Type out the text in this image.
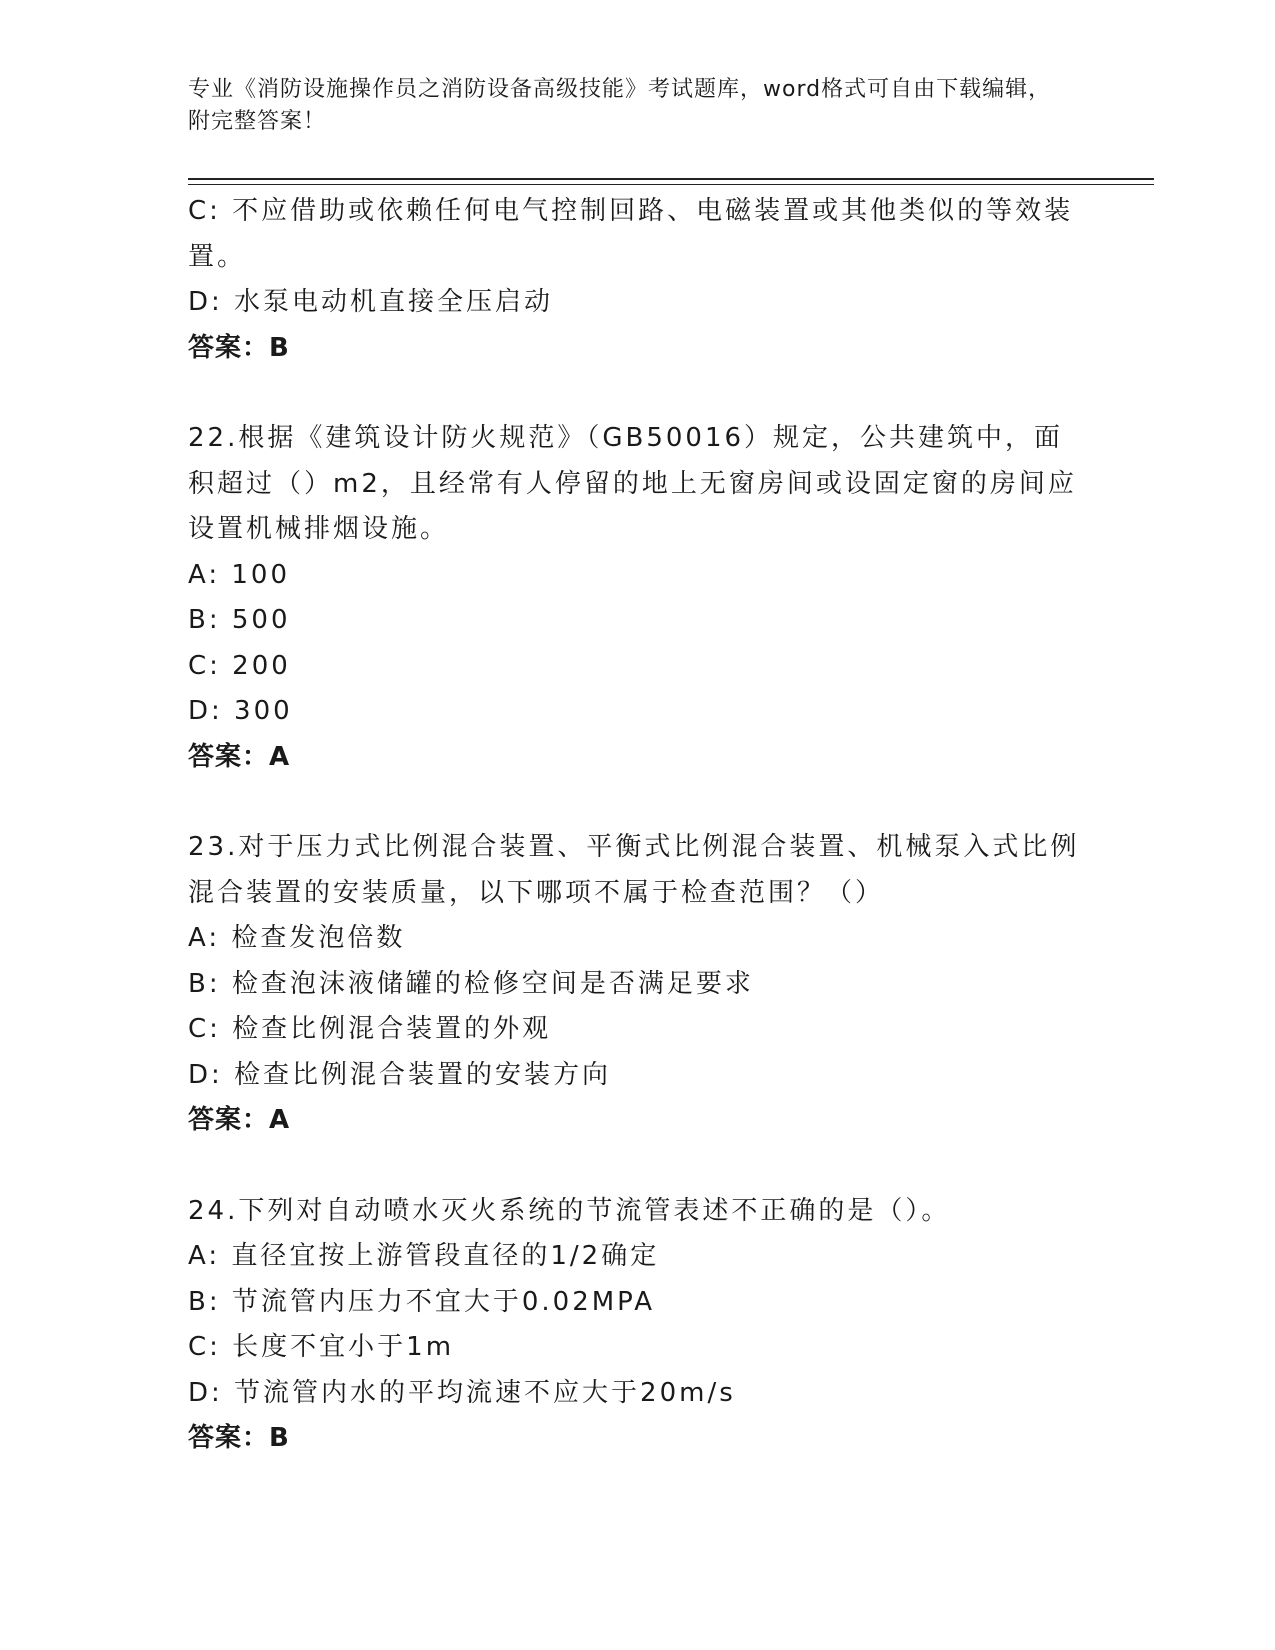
专业《消防设施操作员之消防设备高级技能》考试题库，word格式可自由下载编辑，附完整答案！
C: 不应借助或依赖任何电气控制回路、电磁装置或其他类似的等效装置。
D: 水泵电动机直接全压启动
答案：B
22.根据《建筑设计防火规范》（GB50016）规定，公共建筑中，面积超过（）m2，且经常有人停留的地上无窗房间或设固定窗的房间应设置机械排烟设施。
A: 100
B: 500
C: 200
D: 300
答案：A
23.对于压力式比例混合装置、平衡式比例混合装置、机械泵入式比例混合装置的安装质量，以下哪项不属于检查范围？（）
A: 检查发泡倍数
B: 检查泡沫液储罐的检修空间是否满足要求
C: 检查比例混合装置的外观
D: 检查比例混合装置的安装方向
答案：A
24.下列对自动喷水灭火系统的节流管表述不正确的是（）。
A: 直径宜按上游管段直径的1/2确定
B: 节流管内压力不宜大于0.02MPA
C: 长度不宜小于1m
D: 节流管内水的平均流速不应大于20m/s
答案：B
